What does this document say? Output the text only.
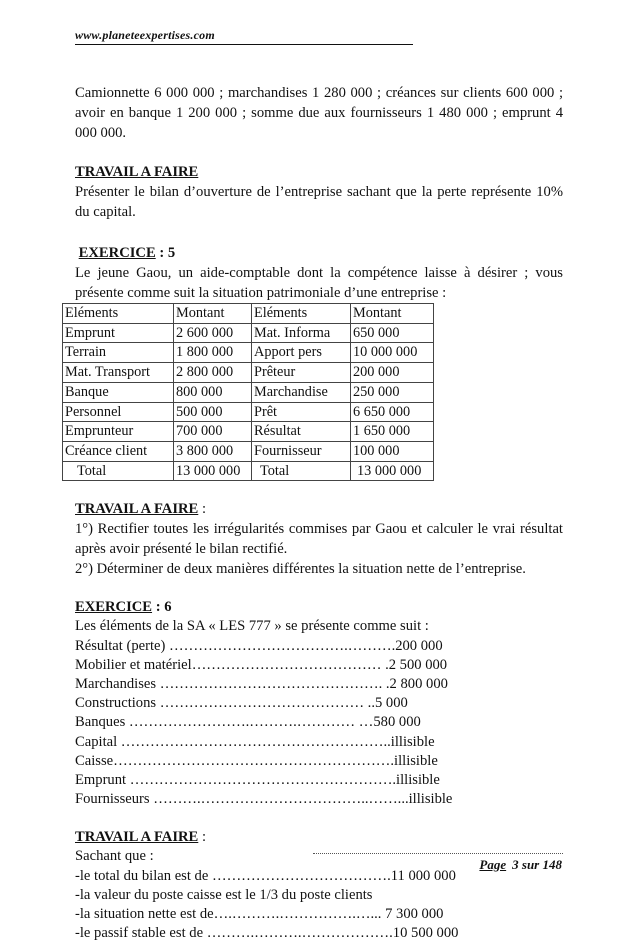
www.planeteexpertises.com

Camionnette 6 000 000 ; marchandises 1 280 000 ; créances sur clients 600 000 ; avoir en banque 1 200 000 ; somme due aux fournisseurs 1 480 000 ; emprunt 4 000 000.

TRAVAIL A FAIRE

Présenter le bilan d’ouverture de l’entreprise sachant que la perte représente 10% du capital.

EXERCICE : 5

Le jeune Gaou, un aide-comptable dont la compétence laisse à désirer ; vous présente comme suit la situation patrimoniale d’une entreprise :

Eléments	Montant	Eléments	Montant
Emprunt	2 600 000	Mat. Informa	650 000
Terrain	1 800 000	Apport pers	10 000 000
Mat. Transport	2 800 000	Prêteur	200 000
Banque	800 000	Marchandise	250 000
Personnel	500 000	Prêt	6 650 000
Emprunteur	700 000	Résultat	1 650 000
Créance client	3 800 000	Fournisseur	100 000
Total	13 000 000	Total	13 000 000
TRAVAIL A FAIRE :

1°) Rectifier toutes les irrégularités commises par Gaou et calculer le vrai résultat après avoir présenté le bilan rectifié.

2°) Déterminer de deux manières différentes la situation nette de l’entreprise.

EXERCICE : 6

Les éléments de la SA « LES 777 » se présente comme suit :

Résultat (perte) ……………………………….……….200 000

Mobilier et matériel………………………………… .2 500 000

Marchandises ………………………………………. .2 800 000

Constructions …………………………………… ..5 000

Banques …………………….……….………… …580 000

Capital ………………………………………………..illisible

Caisse………………………………………………….illisible

Emprunt ……………………………………………….illisible

Fournisseurs ……….……………………………..……...illisible

TRAVAIL A FAIRE :

Sachant que :

-le total du bilan est de ……………………………….11 000 000

-la valeur du poste caisse est le 1/3 du poste clients

-la situation nette est de….……….…………….…... 7 300 000

-le passif stable est de ……….……….……………….10 500 000

Page 3 sur 148
